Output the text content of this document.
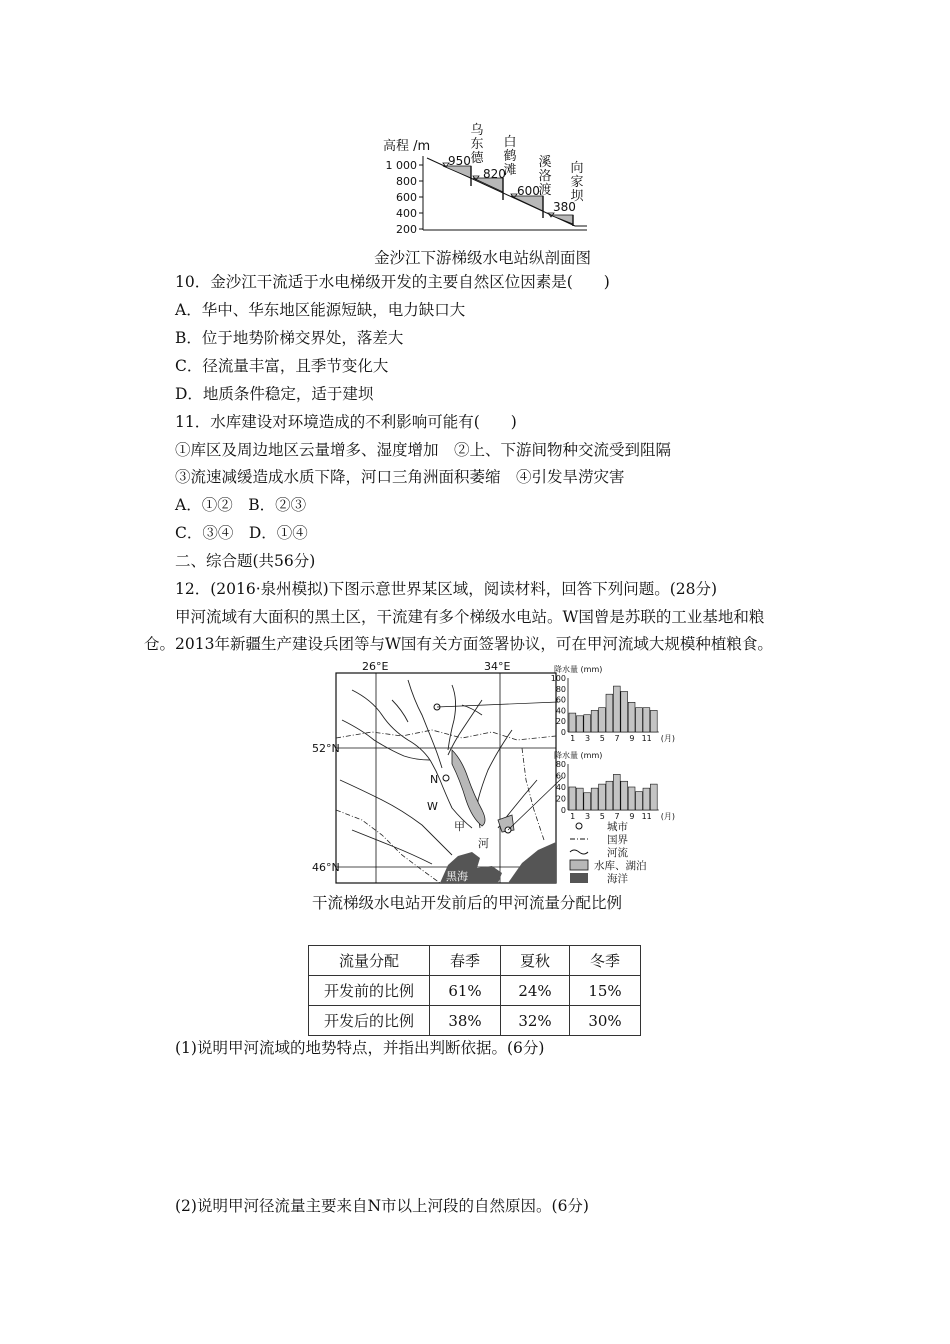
高程 /m
1 000
800
600
400
200
950
820
600
380
乌东德
白鹤滩
溪洛渡
向家坝
金沙江下游梯级水电站纵剖面图
10．金沙江干流适于水电梯级开发的主要自然区位因素是(　　)
A．华中、华东地区能源短缺，电力缺口大
B．位于地势阶梯交界处，落差大
C．径流量丰富，且季节变化大
D．地质条件稳定，适于建坝
11．水库建设对环境造成的不利影响可能有(　　)
①库区及周边地区云量增多、湿度增加　②上、下游间物种交流受到阻隔
③流速减缓造成水质下降，河口三角洲面积萎缩　④引发旱涝灾害
A．①②　B．②③
C．③④　D．①④
二、综合题(共56分)
12．(2016·泉州模拟)下图示意世界某区域，阅读材料，回答下列问题。(28分)
甲河流域有大面积的黑土区，干流建有多个梯级水电站。W国曾是苏联的工业基地和粮
仓。2013年新疆生产建设兵团等与W国有关方面签署协议，可在甲河流域大规模种植粮食。
26°E	34°E
52°N
46°N
黑海
N
W
甲
河
降水量 (mm)
0
20
40
60
80
100
1 3 5 7 9 11 (月)
降水量 (mm)
0
20
40
60
80
1 3 5 7 9 11 (月)
城市
国界
河流
水库、湖泊
海洋
干流梯级水电站开发前后的甲河流量分配比例
流量分配	春季	夏秋	冬季
开发前的比例	61%	24%	15%
开发后的比例	38%	32%	30%
(1)说明甲河流域的地势特点，并指出判断依据。(6分)
(2)说明甲河径流量主要来自N市以上河段的自然原因。(6分)
